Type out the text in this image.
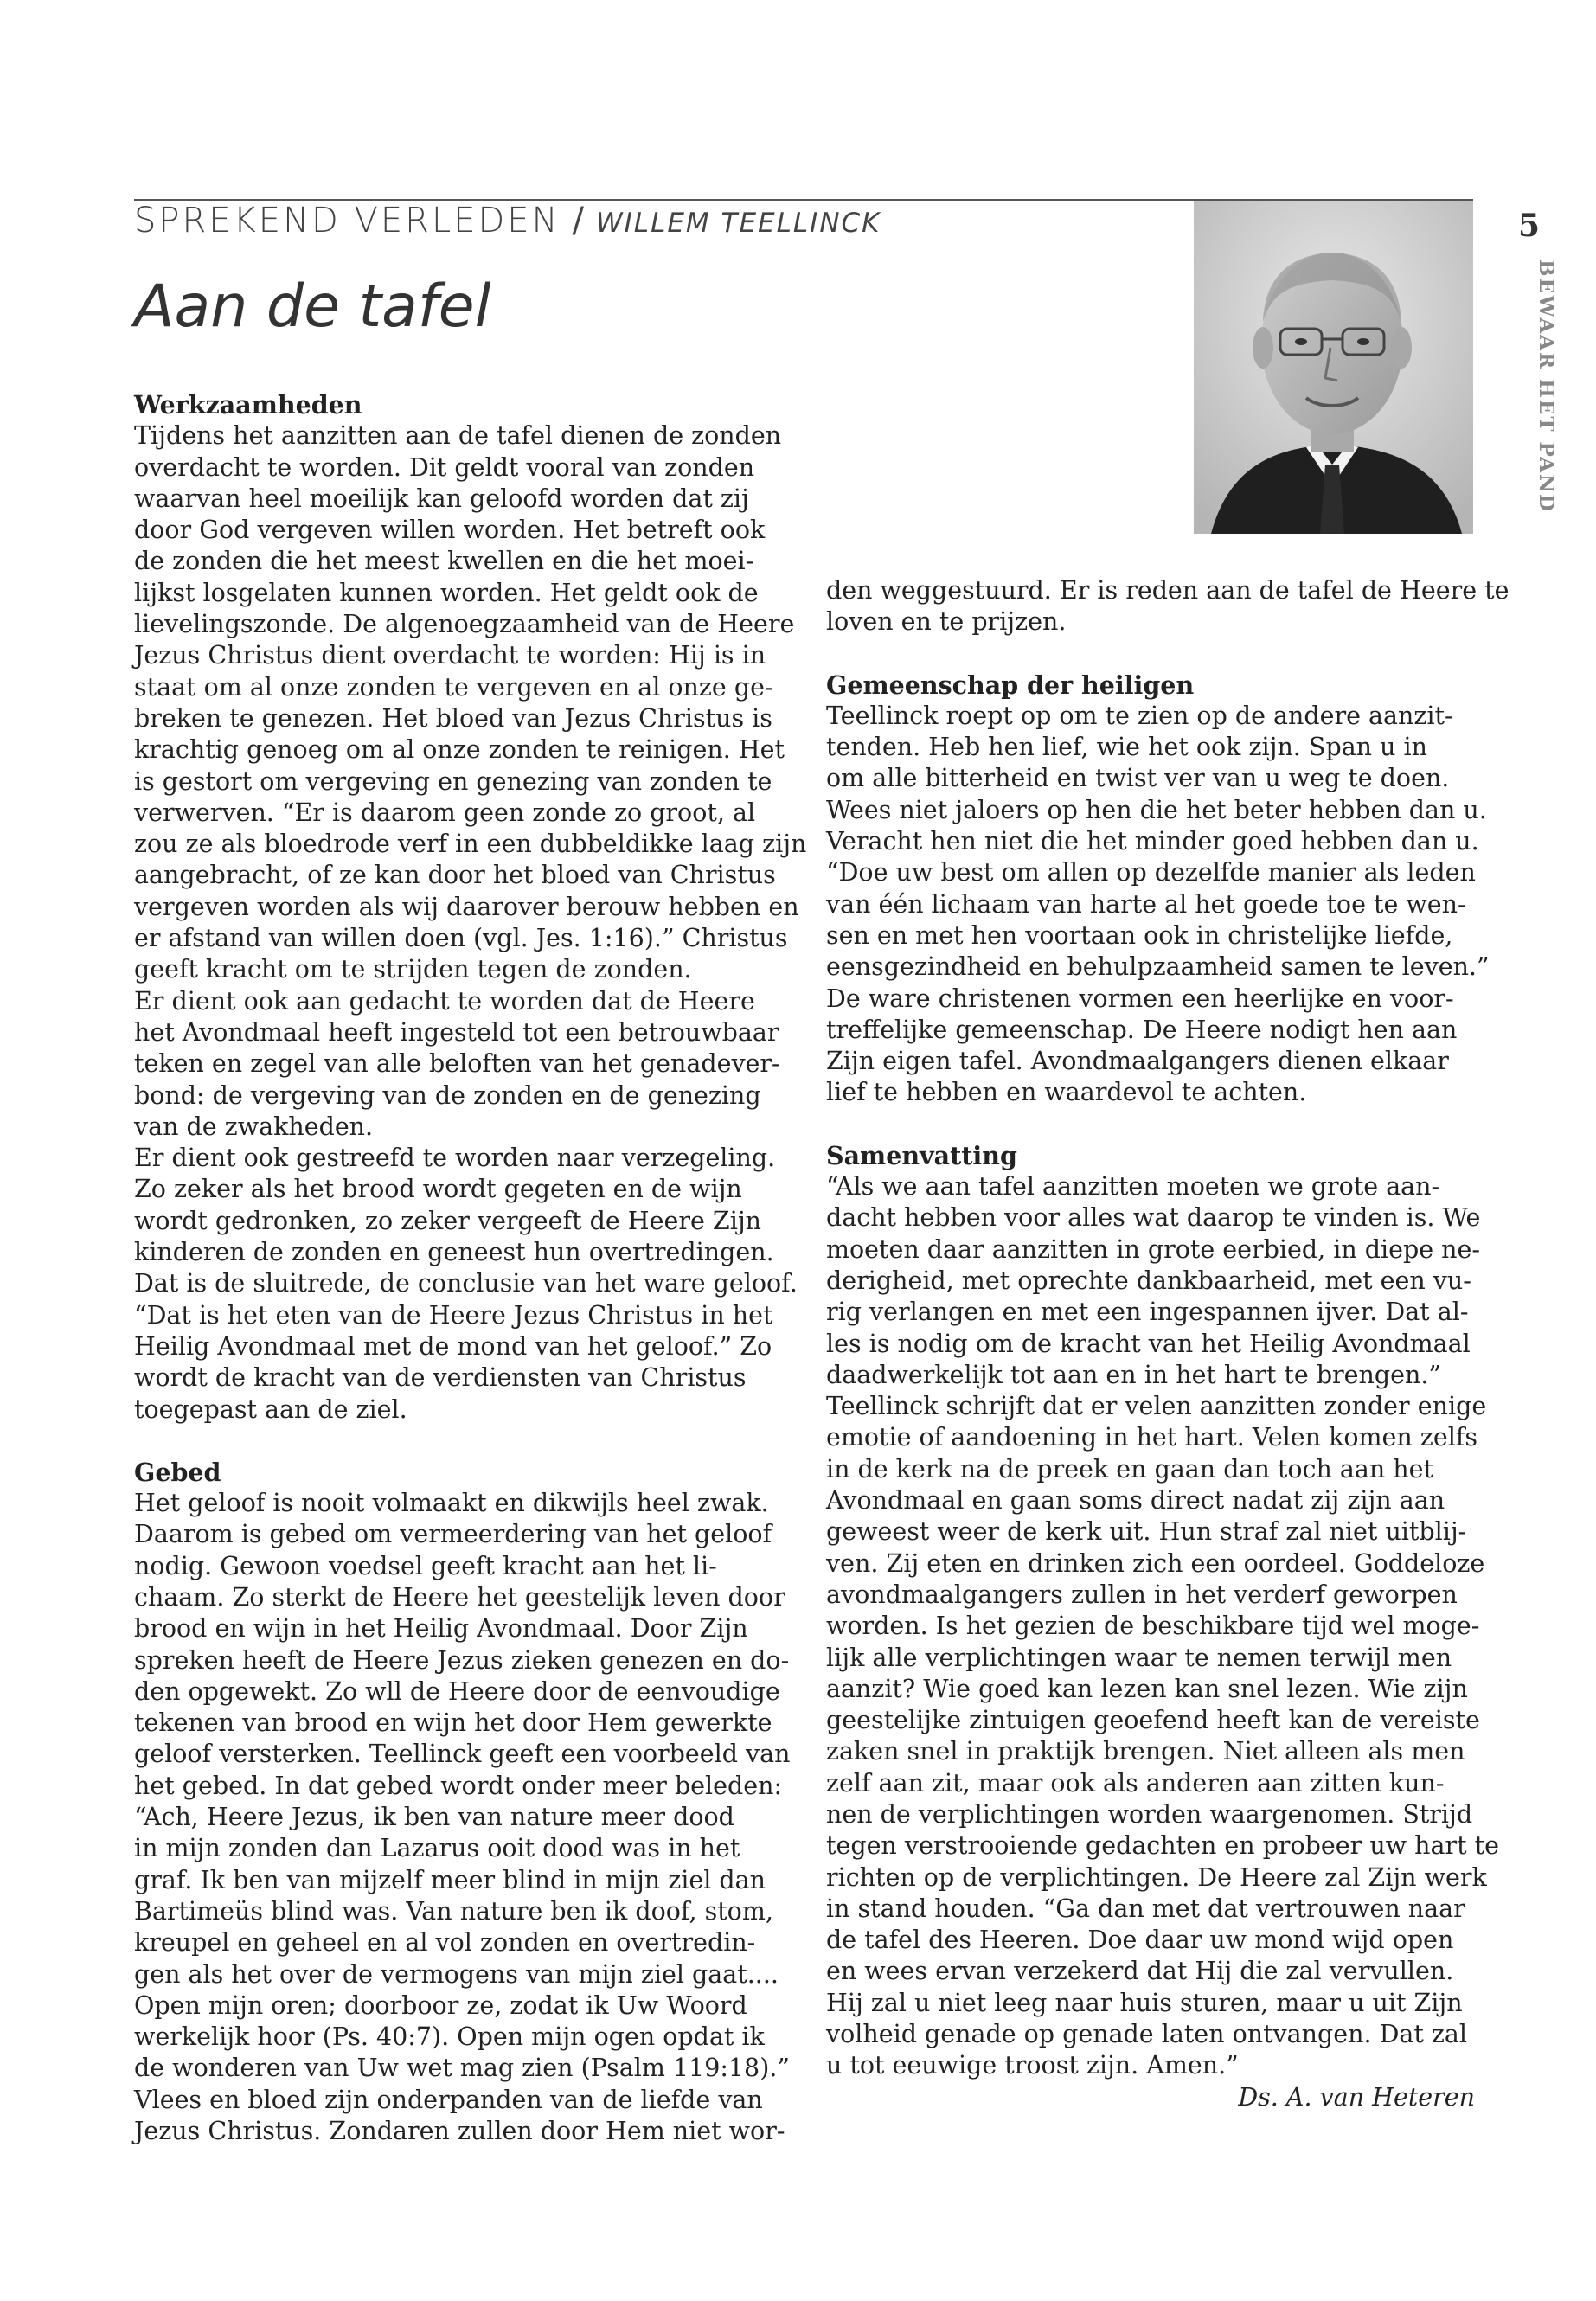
SPREKEND VERLEDEN / WILLEM TEELLINCK	5
BEWAAR HET PAND
Aan de tafel
Werkzaamheden
Tijdens het aanzitten aan de tafel dienen de zonden
overdacht te worden. Dit geldt vooral van zonden
waarvan heel moeilijk kan geloofd worden dat zij
door God vergeven willen worden. Het betreft ook
de zonden die het meest kwellen en die het moei-
lijkst losgelaten kunnen worden. Het geldt ook de
lievelingszonde. De algenoegzaamheid van de Heere
Jezus Christus dient overdacht te worden: Hij is in
staat om al onze zonden te vergeven en al onze ge-
breken te genezen. Het bloed van Jezus Christus is
krachtig genoeg om al onze zonden te reinigen. Het
is gestort om vergeving en genezing van zonden te
verwerven. “Er is daarom geen zonde zo groot, al
zou ze als bloedrode verf in een dubbeldikke laag zijn
aangebracht, of ze kan door het bloed van Christus
vergeven worden als wij daarover berouw hebben en
er afstand van willen doen (vgl. Jes. 1:16).” Christus
geeft kracht om te strijden tegen de zonden.
Er dient ook aan gedacht te worden dat de Heere
het Avondmaal heeft ingesteld tot een betrouwbaar
teken en zegel van alle beloften van het genadever-
bond: de vergeving van de zonden en de genezing
van de zwakheden.
Er dient ook gestreefd te worden naar verzegeling.
Zo zeker als het brood wordt gegeten en de wijn
wordt gedronken, zo zeker vergeeft de Heere Zijn
kinderen de zonden en geneest hun overtredingen.
Dat is de sluitrede, de conclusie van het ware geloof.
“Dat is het eten van de Heere Jezus Christus in het
Heilig Avondmaal met de mond van het geloof.” Zo
wordt de kracht van de verdiensten van Christus
toegepast aan de ziel.
Gebed
Het geloof is nooit volmaakt en dikwijls heel zwak.
Daarom is gebed om vermeerdering van het geloof
nodig. Gewoon voedsel geeft kracht aan het li-
chaam. Zo sterkt de Heere het geestelijk leven door
brood en wijn in het Heilig Avondmaal. Door Zijn
spreken heeft de Heere Jezus zieken genezen en do-
den opgewekt. Zo wll de Heere door de eenvoudige
tekenen van brood en wijn het door Hem gewerkte
geloof versterken. Teellinck geeft een voorbeeld van
het gebed. In dat gebed wordt onder meer beleden:
“Ach, Heere Jezus, ik ben van nature meer dood
in mijn zonden dan Lazarus ooit dood was in het
graf. Ik ben van mijzelf meer blind in mijn ziel dan
Bartimeüs blind was. Van nature ben ik doof, stom,
kreupel en geheel en al vol zonden en overtredin-
gen als het over de vermogens van mijn ziel gaat....
Open mijn oren; doorboor ze, zodat ik Uw Woord
werkelijk hoor (Ps. 40:7). Open mijn ogen opdat ik
de wonderen van Uw wet mag zien (Psalm 119:18).”
Vlees en bloed zijn onderpanden van de liefde van
Jezus Christus. Zondaren zullen door Hem niet wor-
den weggestuurd. Er is reden aan de tafel de Heere te
loven en te prijzen.
Gemeenschap der heiligen
Teellinck roept op om te zien op de andere aanzit-
tenden. Heb hen lief, wie het ook zijn. Span u in
om alle bitterheid en twist ver van u weg te doen.
Wees niet jaloers op hen die het beter hebben dan u.
Veracht hen niet die het minder goed hebben dan u.
“Doe uw best om allen op dezelfde manier als leden
van één lichaam van harte al het goede toe te wen-
sen en met hen voortaan ook in christelijke liefde,
eensgezindheid en behulpzaamheid samen te leven.”
De ware christenen vormen een heerlijke en voor-
treffelijke gemeenschap. De Heere nodigt hen aan
Zijn eigen tafel. Avondmaalgangers dienen elkaar
lief te hebben en waardevol te achten.
Samenvatting
“Als we aan tafel aanzitten moeten we grote aan-
dacht hebben voor alles wat daarop te vinden is. We
moeten daar aanzitten in grote eerbied, in diepe ne-
derigheid, met oprechte dankbaarheid, met een vu-
rig verlangen en met een ingespannen ijver. Dat al-
les is nodig om de kracht van het Heilig Avondmaal
daadwerkelijk tot aan en in het hart te brengen.”
Teellinck schrijft dat er velen aanzitten zonder enige
emotie of aandoening in het hart. Velen komen zelfs
in de kerk na de preek en gaan dan toch aan het
Avondmaal en gaan soms direct nadat zij zijn aan
geweest weer de kerk uit. Hun straf zal niet uitblij-
ven. Zij eten en drinken zich een oordeel. Goddeloze
avondmaalgangers zullen in het verderf geworpen
worden. Is het gezien de beschikbare tijd wel moge-
lijk alle verplichtingen waar te nemen terwijl men
aanzit? Wie goed kan lezen kan snel lezen. Wie zijn
geestelijke zintuigen geoefend heeft kan de vereiste
zaken snel in praktijk brengen. Niet alleen als men
zelf aan zit, maar ook als anderen aan zitten kun-
nen de verplichtingen worden waargenomen. Strijd
tegen verstrooiende gedachten en probeer uw hart te
richten op de verplichtingen. De Heere zal Zijn werk
in stand houden. “Ga dan met dat vertrouwen naar
de tafel des Heeren. Doe daar uw mond wijd open
en wees ervan verzekerd dat Hij die zal vervullen.
Hij zal u niet leeg naar huis sturen, maar u uit Zijn
volheid genade op genade laten ontvangen. Dat zal
u tot eeuwige troost zijn. Amen.”
Ds. A. van Heteren
